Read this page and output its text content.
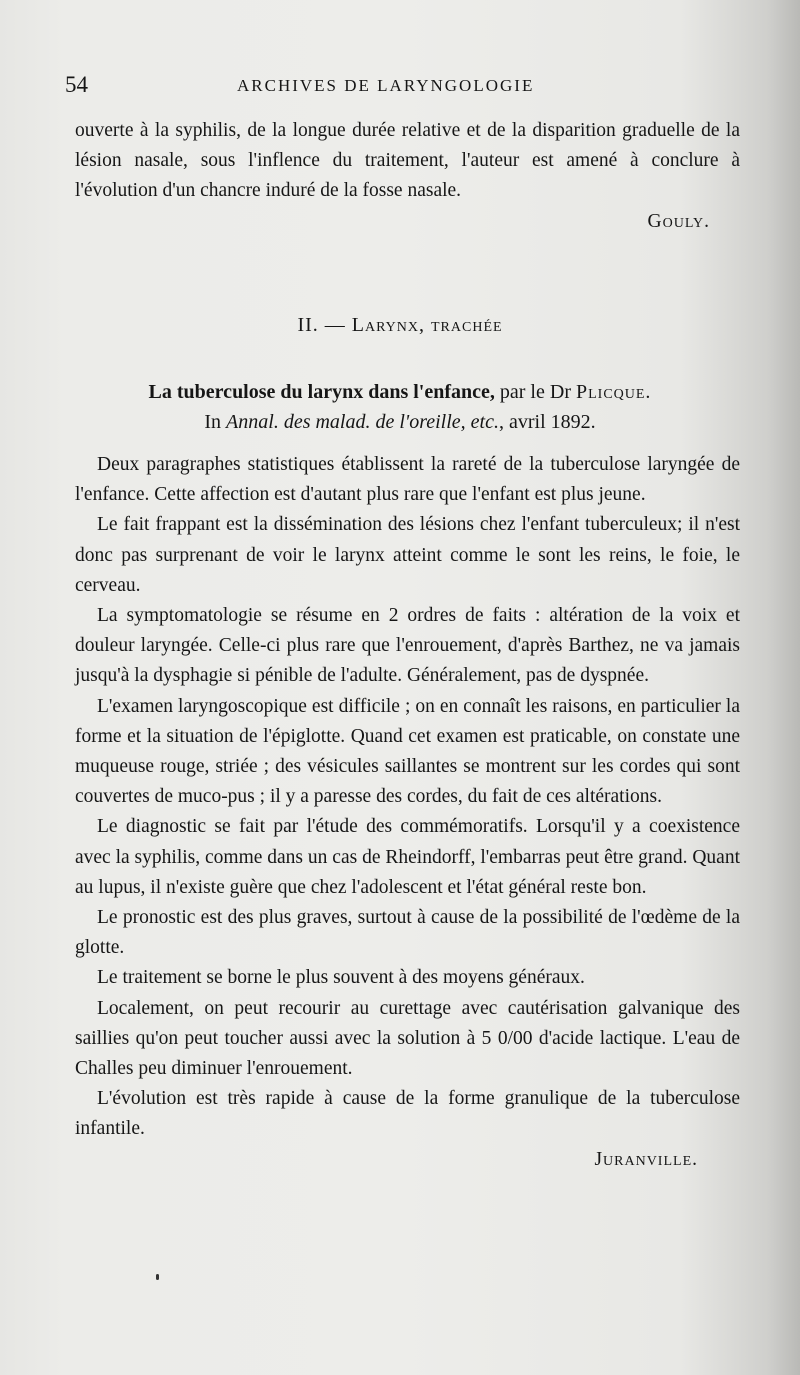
54	ARCHIVES DE LARYNGOLOGIE

ouverte à la syphilis, de la longue durée relative et de la disparition graduelle de la lésion nasale, sous l'inflence du traitement, l'auteur est amené à conclure à l'évolution d'un chancre induré de la fosse nasale.

Gouly.
II. — Larynx, trachée
La tuberculose du larynx dans l'enfance, par le Dr Plicque.
In Annal. des malad. de l'oreille, etc., avril 1892.

Deux paragraphes statistiques établissent la rareté de la tuberculose laryngée de l'enfance. Cette affection est d'autant plus rare que l'enfant est plus jeune.

Le fait frappant est la dissémination des lésions chez l'enfant tuberculeux; il n'est donc pas surprenant de voir le larynx atteint comme le sont les reins, le foie, le cerveau.

La symptomatologie se résume en 2 ordres de faits : altération de la voix et douleur laryngée. Celle-ci plus rare que l'enrouement, d'après Barthez, ne va jamais jusqu'à la dysphagie si pénible de l'adulte. Généralement, pas de dyspnée.

L'examen laryngoscopique est difficile ; on en connaît les raisons, en particulier la forme et la situation de l'épiglotte. Quand cet examen est praticable, on constate une muqueuse rouge, striée ; des vésicules saillantes se montrent sur les cordes qui sont couvertes de muco-pus ; il y a paresse des cordes, du fait de ces altérations.

Le diagnostic se fait par l'étude des commémoratifs. Lorsqu'il y a coexistence avec la syphilis, comme dans un cas de Rheindorff, l'embarras peut être grand. Quant au lupus, il n'existe guère que chez l'adolescent et l'état général reste bon.

Le pronostic est des plus graves, surtout à cause de la possibilité de l'œdème de la glotte.

Le traitement se borne le plus souvent à des moyens généraux.

Localement, on peut recourir au curettage avec cautérisation galvanique des saillies qu'on peut toucher aussi avec la solution à 5 0/00 d'acide lactique. L'eau de Challes peu diminuer l'enrouement.

L'évolution est très rapide à cause de la forme granulique de la tuberculose infantile.

Juranville.
